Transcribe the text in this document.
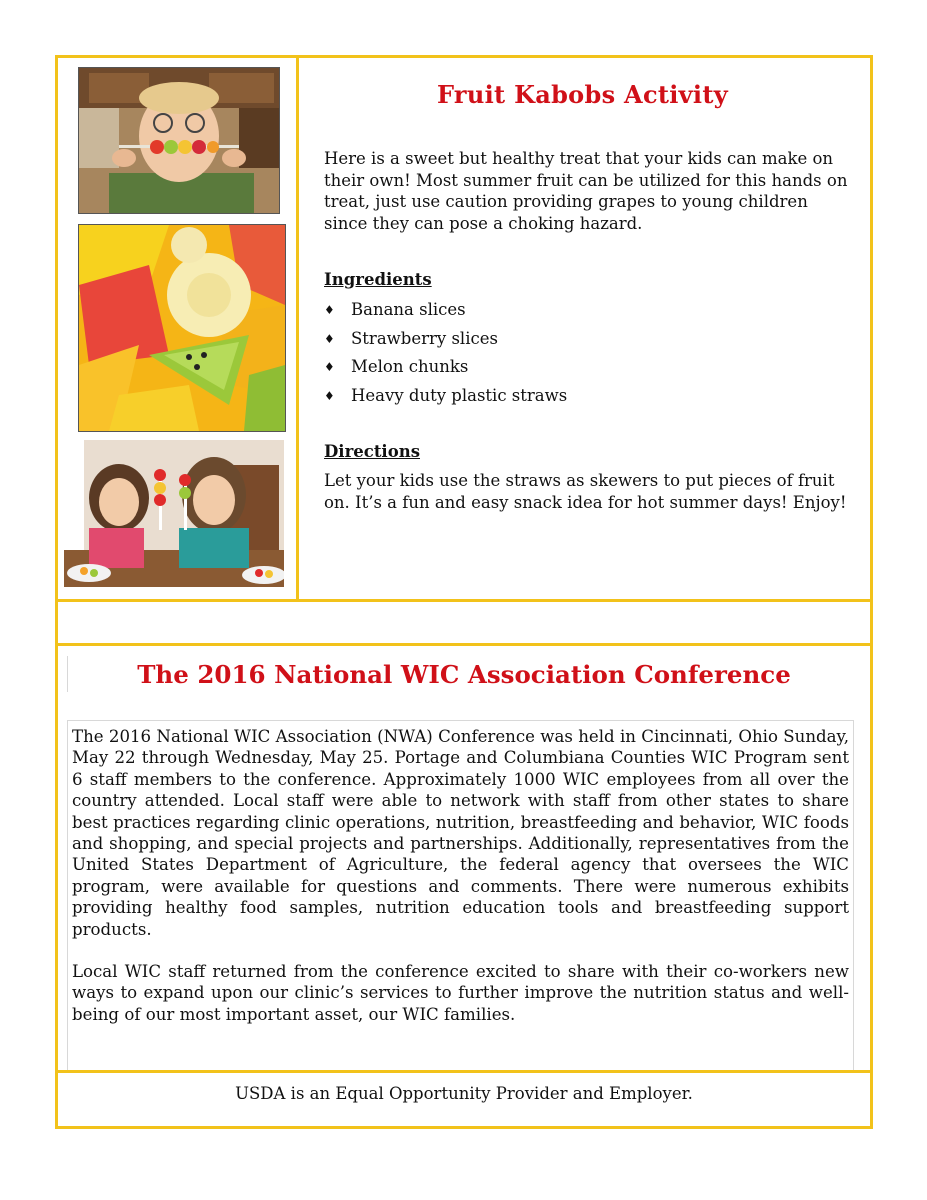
Fruit Kabobs Activity

Here is a sweet but healthy treat that your kids can make on their own! Most summer fruit can be utilized for this hands on treat, just use caution providing grapes to young children since they can pose a choking hazard.

Ingredients
♦ Banana slices
♦ Strawberry slices
♦ Melon chunks
♦ Heavy duty plastic straws
Directions

Let your kids use the straws as skewers to put pieces of fruit on. It’s a fun and easy snack idea for hot summer days! Enjoy!

The 2016 National WIC Association Conference

The 2016 National WIC Association (NWA) Conference was held in Cincinnati, Ohio Sunday, May 22 through Wednesday, May 25. Portage and Columbiana Counties WIC Program sent 6 staff members to the conference. Approximately 1000 WIC employees from all over the country attended. Local staff were able to network with staff from other states to share best practices regarding clinic operations, nutrition, breastfeeding and behavior, WIC foods and shopping, and special projects and partnerships. Additionally, representatives from the United States Department of Agriculture, the federal agency that oversees the WIC program, were available for questions and comments. There were numerous exhibits providing healthy food samples, nutrition education tools and breastfeeding support products.

Local WIC staff returned from the conference excited to share with their co-workers new ways to expand upon our clinic’s services to further improve the nutrition status and well-being of our most important asset, our WIC families.

USDA is an Equal Opportunity Provider and Employer.
